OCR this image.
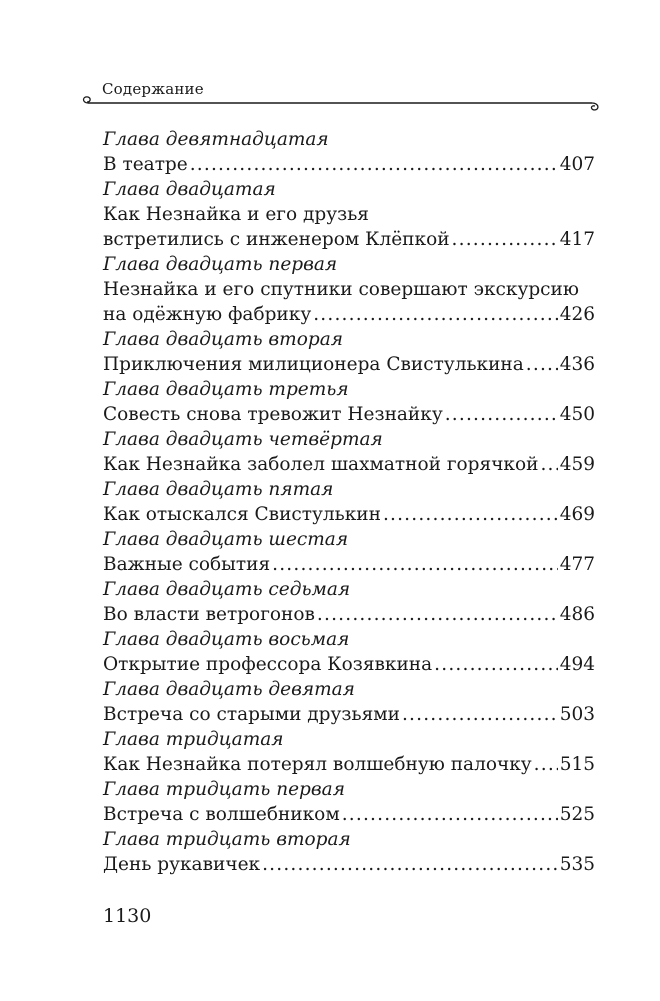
Содержание
Глава девятнадцатая
В театре .....	407
Глава двадцатая
Как Незнайка и его друзья
встретились с инженером Клёпкой .....	417
Глава двадцать первая
Незнайка и его спутники совершают экскурсию
на одёжную фабрику .....	426
Глава двадцать вторая
Приключения милиционера Свистулькина ..... 436
Глава двадцать третья
Совесть снова тревожит Незнайку .....	450
Глава двадцать четвёртая
Как Незнайка заболел шахматной горячкой ..... 459
Глава двадцать пятая
Как отыскался Свистулькин .....	469
Глава двадцать шестая
Важные события .....	477
Глава двадцать седьмая
Во власти ветрогонов .....	486
Глава двадцать восьмая
Открытие профессора Козявкина .....	494
Глава двадцать девятая
Встреча со старыми друзьями .....	503
Глава тридцатая
Как Незнайка потерял волшебную палочку ..... 515
Глава тридцать первая
Встреча с волшебником .....	525
Глава тридцать вторая
День рукавичек .....	535
1130
